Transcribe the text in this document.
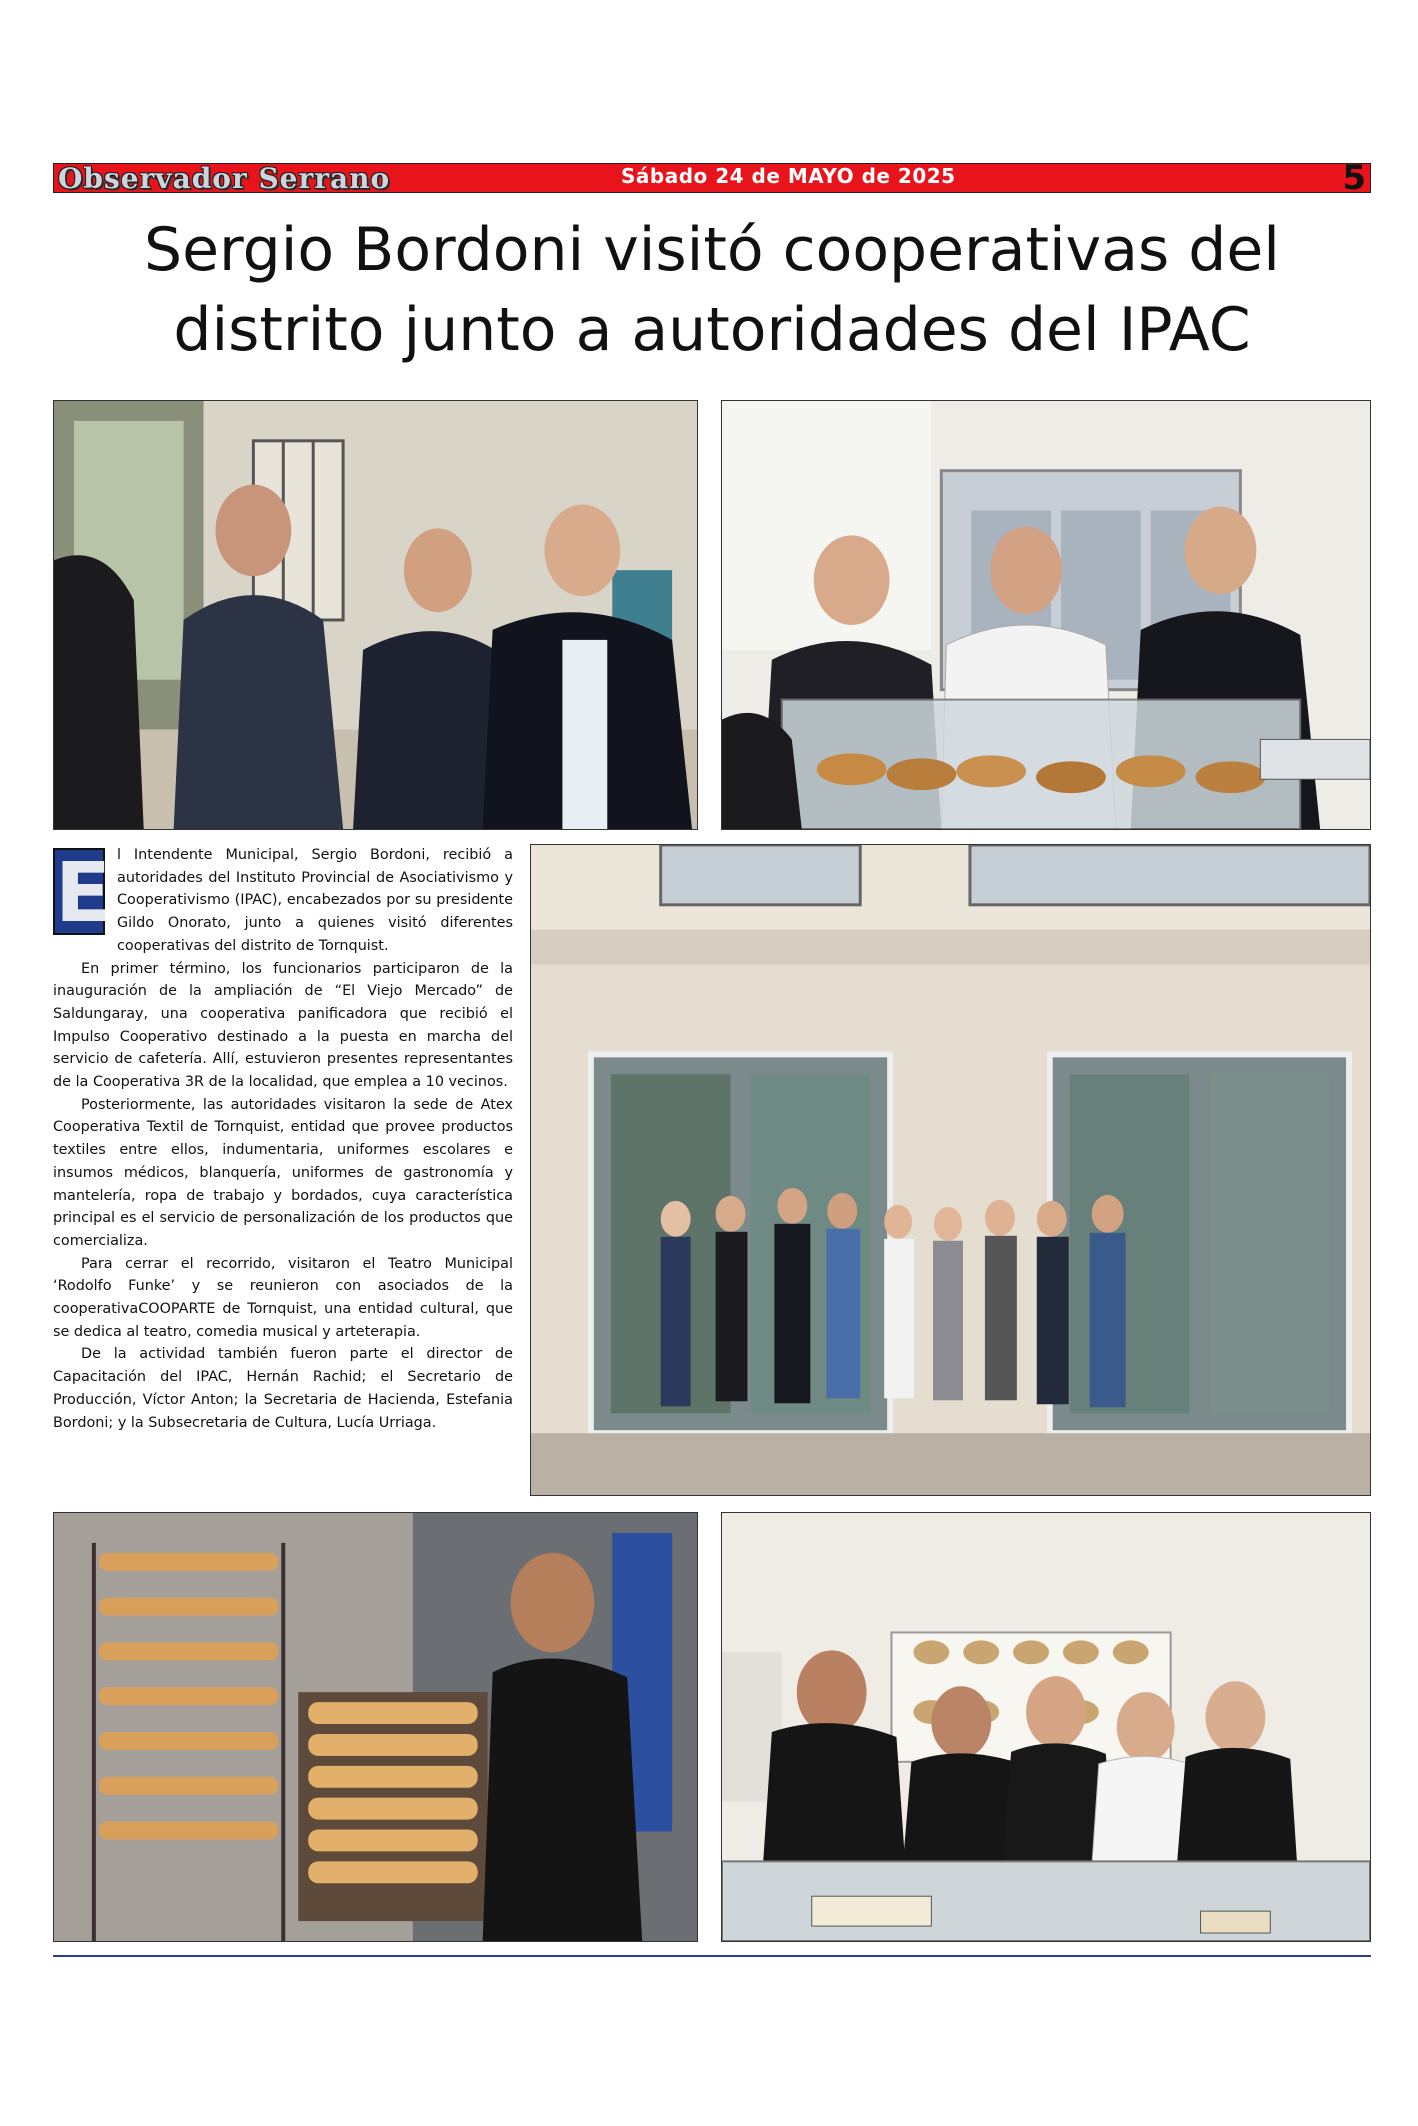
Observador Serrano	Sábado 24 de MAYO de 2025	5
Sergio Bordoni visitó cooperativas del
distrito junto a autoridades del IPAC
E l Intendente Municipal, Sergio Bordoni, recibió a autoridades del Instituto Provincial de Asociativismo y Cooperativismo (IPAC), encabezados por su presidente Gildo Onorato, junto a quienes visitó diferentes cooperativas del distrito de Tornquist.

En primer término, los funcionarios participaron de la inauguración de la ampliación de “El Viejo Mercado” de Saldungaray, una cooperativa panificadora que recibió el Impulso Cooperativo destinado a la puesta en marcha del servicio de cafetería. Allí, estuvieron presentes representantes de la Cooperativa 3R de la localidad, que emplea a 10 vecinos.

Posteriormente, las autoridades visitaron la sede de Atex Cooperativa Textil de Tornquist, entidad que provee productos textiles entre ellos, indumentaria, uniformes escolares e insumos médicos, blanquería, uniformes de gastronomía y mantelería, ropa de trabajo y bordados, cuya característica principal es el servicio de personalización de los productos que comercializa.

Para cerrar el recorrido, visitaron el Teatro Municipal ‘Rodolfo Funke’ y se reunieron con asociados de la cooperativaCOOPARTE de Tornquist, una entidad cultural, que se dedica al teatro, comedia musical y arteterapia.

De la actividad también fueron parte el director de Capacitación del IPAC, Hernán Rachid; el Secretario de Producción, Víctor Anton; la Secretaria de Hacienda, Estefania Bordoni; y la Subsecretaria de Cultura, Lucía Urriaga.
